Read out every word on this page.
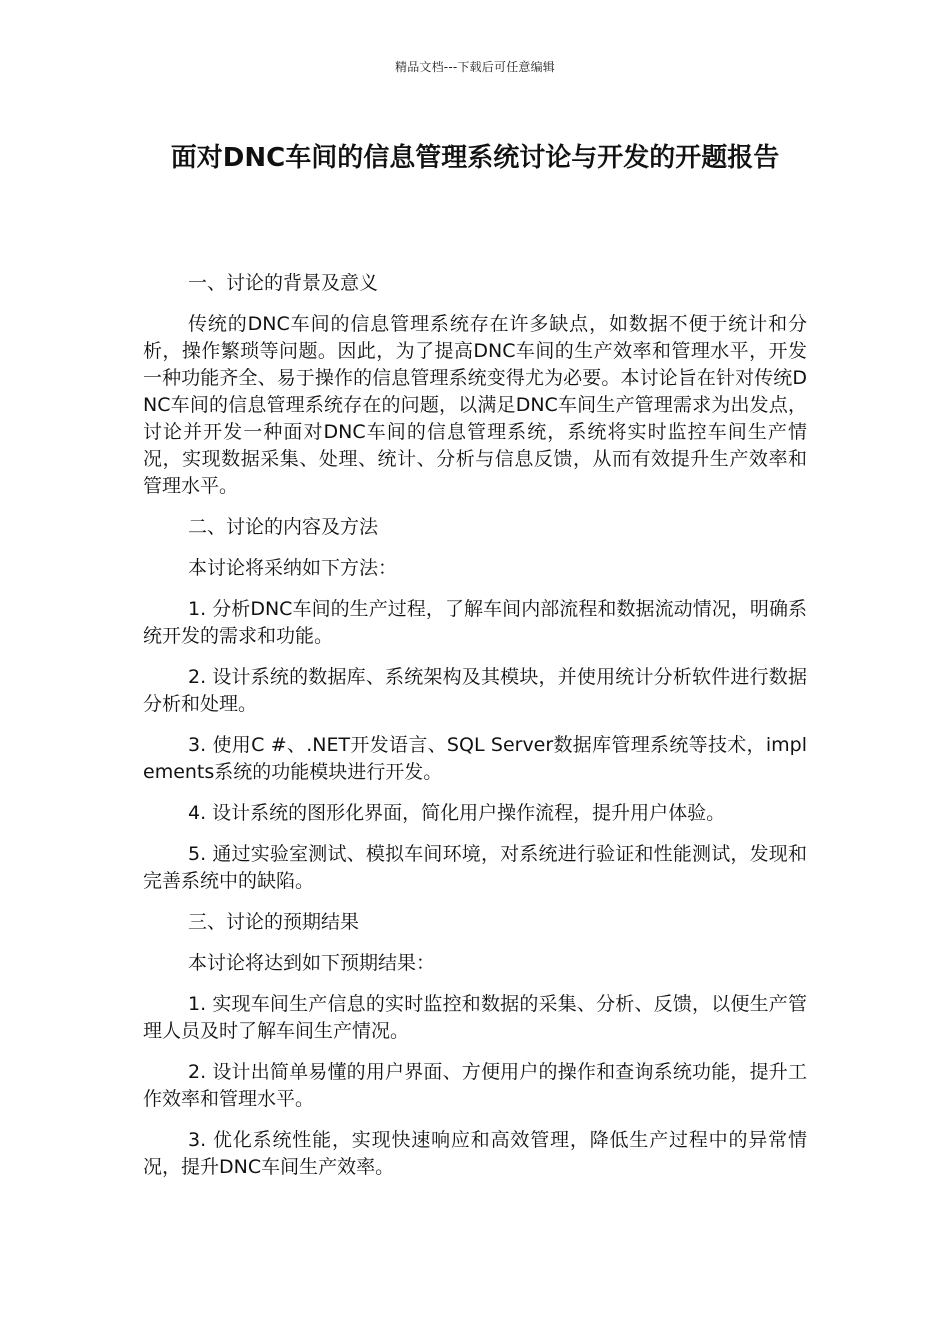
精品文档---下载后可任意编辑
面对DNC车间的信息管理系统讨论与开发的开题报告

一、讨论的背景及意义

传统的DNC车间的信息管理系统存在许多缺点，如数据不便于统计和分析，操作繁琐等问题。因此，为了提高DNC车间的生产效率和管理水平，开发一种功能齐全、易于操作的信息管理系统变得尤为必要。本讨论旨在针对传统DNC车间的信息管理系统存在的问题，以满足DNC车间生产管理需求为出发点，讨论并开发一种面对DNC车间的信息管理系统，系统将实时监控车间生产情况，实现数据采集、处理、统计、分析与信息反馈，从而有效提升生产效率和管理水平。

二、讨论的内容及方法

本讨论将采纳如下方法：

1. 分析DNC车间的生产过程，了解车间内部流程和数据流动情况，明确系统开发的需求和功能。

2. 设计系统的数据库、系统架构及其模块，并使用统计分析软件进行数据分析和处理。

3. 使用C #、.NET开发语言、SQL Server数据库管理系统等技术，implements系统的功能模块进行开发。

4. 设计系统的图形化界面，简化用户操作流程，提升用户体验。

5. 通过实验室测试、模拟车间环境，对系统进行验证和性能测试，发现和完善系统中的缺陷。

三、讨论的预期结果

本讨论将达到如下预期结果：

1. 实现车间生产信息的实时监控和数据的采集、分析、反馈，以便生产管理人员及时了解车间生产情况。

2. 设计出简单易懂的用户界面、方便用户的操作和查询系统功能，提升工作效率和管理水平。

3. 优化系统性能，实现快速响应和高效管理，降低生产过程中的异常情况，提升DNC车间生产效率。
